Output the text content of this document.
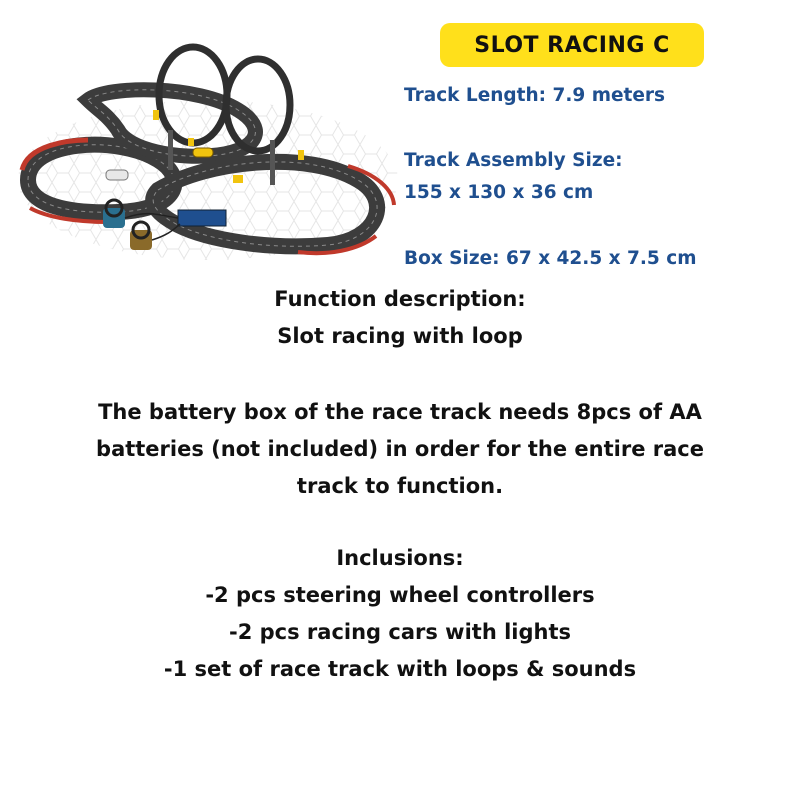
SLOT RACING C
Track Length: 7.9 meters
Track Assembly Size:
155 x 130 x 36 cm
Box Size: 67 x 42.5 x 7.5 cm
Function description:
Slot racing with loop
The battery box of the race track needs 8pcs of AA
batteries (not included) in order for the entire race
track to function.
Inclusions:
-2 pcs steering wheel controllers
-2 pcs racing cars with lights
-1 set of race track with loops & sounds
